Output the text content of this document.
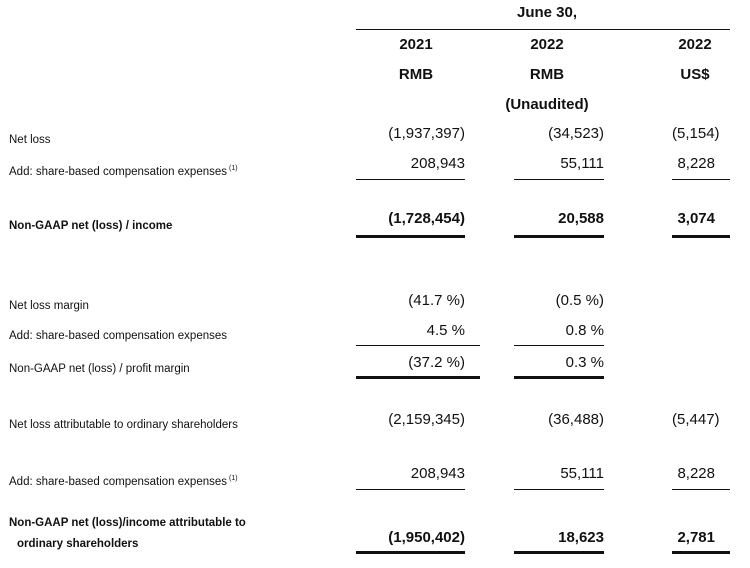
June 30,
2021	2022	2022
RMB	RMB	US$
(Unaudited)
Net loss	(1,937,397)	(34,523)	(5,154)
Add: share-based compensation expenses $^{(1)}$	208,943	55,111	8,228
Non-GAAP net (loss) / income	(1,728,454)	20,588	3,074
Net loss margin	(41.7 %)	(0.5 %)
Add: share-based compensation expenses	4.5 %	0.8 %
Non-GAAP net (loss) / profit margin	(37.2 %)	0.3 %
Net loss attributable to ordinary shareholders	(2,159,345)	(36,488)	(5,447)
Add: share-based compensation expenses $^{(1)}$	208,943	55,111	8,228
Non-GAAP net (loss)/income attributable to
ordinary shareholders	(1,950,402)	18,623	2,781
